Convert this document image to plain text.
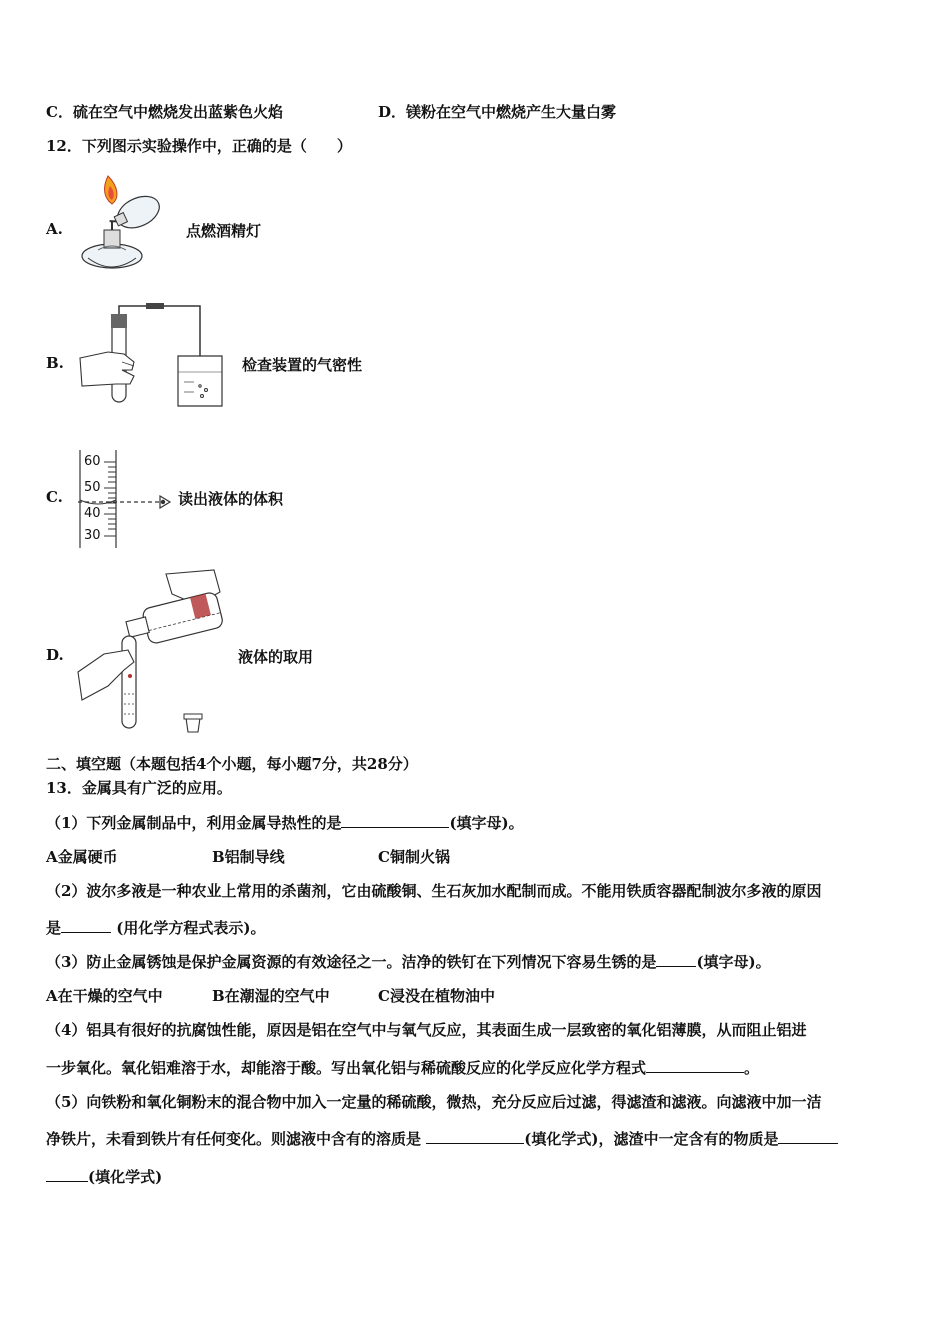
C．硫在空气中燃烧发出蓝紫色火焰	D．镁粉在空气中燃烧产生大量白雾
12．下列图示实验操作中，正确的是（　　）
A.	点燃酒精灯
B.	检查装置的气密性
C.
60
50
40
30
读出液体的体积
D.	液体的取用
二、填空题（本题包括4个小题，每小题7分，共28分）
13．金属具有广泛的应用。
（1）下列金属制品中，利用金属导热性的是	(填字母)。
A金属硬币	B铝制导线	C铜制火锅
（2）波尔多液是一种农业上常用的杀菌剂，它由硫酸铜、生石灰加水配制而成。不能用铁质容器配制波尔多液的原因
是	(用化学方程式表示)。
（3）防止金属锈蚀是保护金属资源的有效途径之一。洁净的铁钉在下列情况下容易生锈的是	(填字母)。
A在干燥的空气中	B在潮湿的空气中	C浸没在植物油中
（4）铝具有很好的抗腐蚀性能，原因是铝在空气中与氧气反应，其表面生成一层致密的氧化铝薄膜，从而阻止铝进
一步氧化。氧化铝难溶于水，却能溶于酸。写出氧化铝与稀硫酸反应的化学反应化学方程式	。
（5）向铁粉和氧化铜粉末的混合物中加入一定量的稀硫酸，微热，充分反应后过滤，得滤渣和滤液。向滤液中加一洁
净铁片，未看到铁片有任何变化。则滤液中含有的溶质是	(填化学式)，滤渣中一定含有的物质是
(填化学式)
